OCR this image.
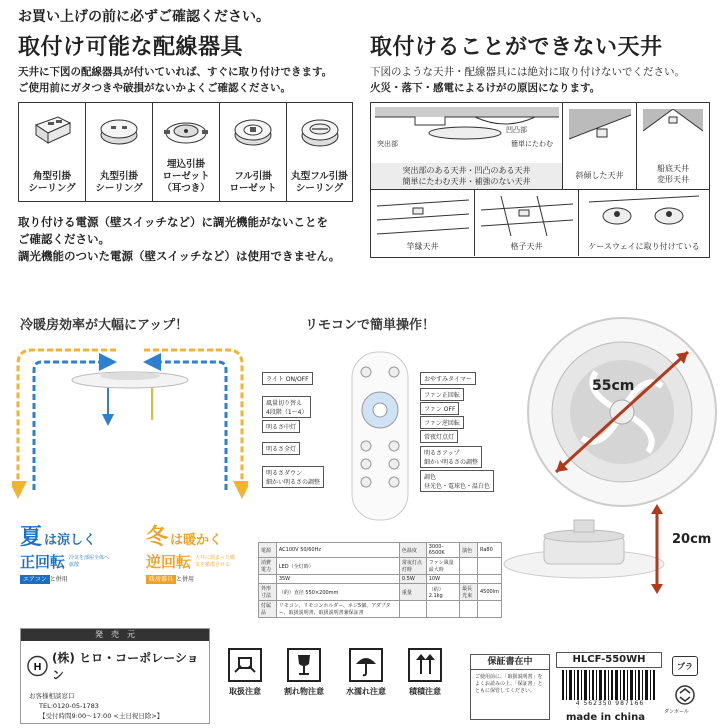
お買い上げの前に必ずご確認ください。
取付け可能な配線器具
天井に下図の配線器具が付いていれば、すぐに取り付けできます。
ご使用前にガタつきや破損がないかよくご確認ください。
角型引掛
シーリング
丸型引掛
シーリング
埋込引掛
ローゼット
（耳つき）
フル引掛
ローゼット
丸型フル引掛
シーリング
取り付ける電源（壁スイッチなど）に調光機能がないことを
ご確認ください。
調光機能のついた電源（壁スイッチなど）は使用できません。
取付けることができない天井
下図のような天井・配線器具には絶対に取り付けないでください。
火災・落下・感電によるけがの原因になります。
突出部
凹凸部
簡単にたわむ
突出部のある天井・凹凸のある天井
簡単にたわむ天井・補強のない天井
斜傾した天井
船底天井
変形天井
竿縁天井	格子天井	ケースウェイに取り付けている
冷暖房効率が大幅にアップ！
夏 は涼しく
正回転 冷気を部屋全体へ拡散
エアコン と併用
冬 は暖かく
逆回転 天井に溜まった暖気を循環させる
暖房器具 と併用
リモコンで簡単操作！
ライト ON/OFF
風量切り替え
4段階（1～4）
明るさ中灯
明るさ全灯
明るさダウン
細かい明るさの調整
おやすみタイマー
ファン正回転
ファン OFF
ファン逆回転
常夜灯点灯
明るさアップ
細かい明るさの調整
調色
昼光色・電球色・温白色
電源	AC100V 50/60Hz	色温度	3000-6500K	演色	Ra80
消費電力	LED（全灯時）	常夜灯点灯時	ファン風量最大時		
	35W	0.5W	10W		
外形寸法	（約）直径 550×200mm	重量	（約）2.1kg	最長光束	4500lm
付属品	リモコン、リモコンホルダー、ネジ5個、アダプター、取扱説明書、取扱説明書兼保証書				
55cm
20cm
発　売　元
H
(株) ヒロ・コーポレーション
お客様相談窓口
TEL:0120-05-1783
【受付時間9:00～17:00 <土日祝日除>】
取扱注意	割れ物注意	水濡れ注意	積積注意
保証書在中
ご使用前に、「取扱説明書」をよくお読みの上、「保証書」とともに保管してください。
HLCF-550WH
4 562350 987166
made in china
プラ
ダンボール
